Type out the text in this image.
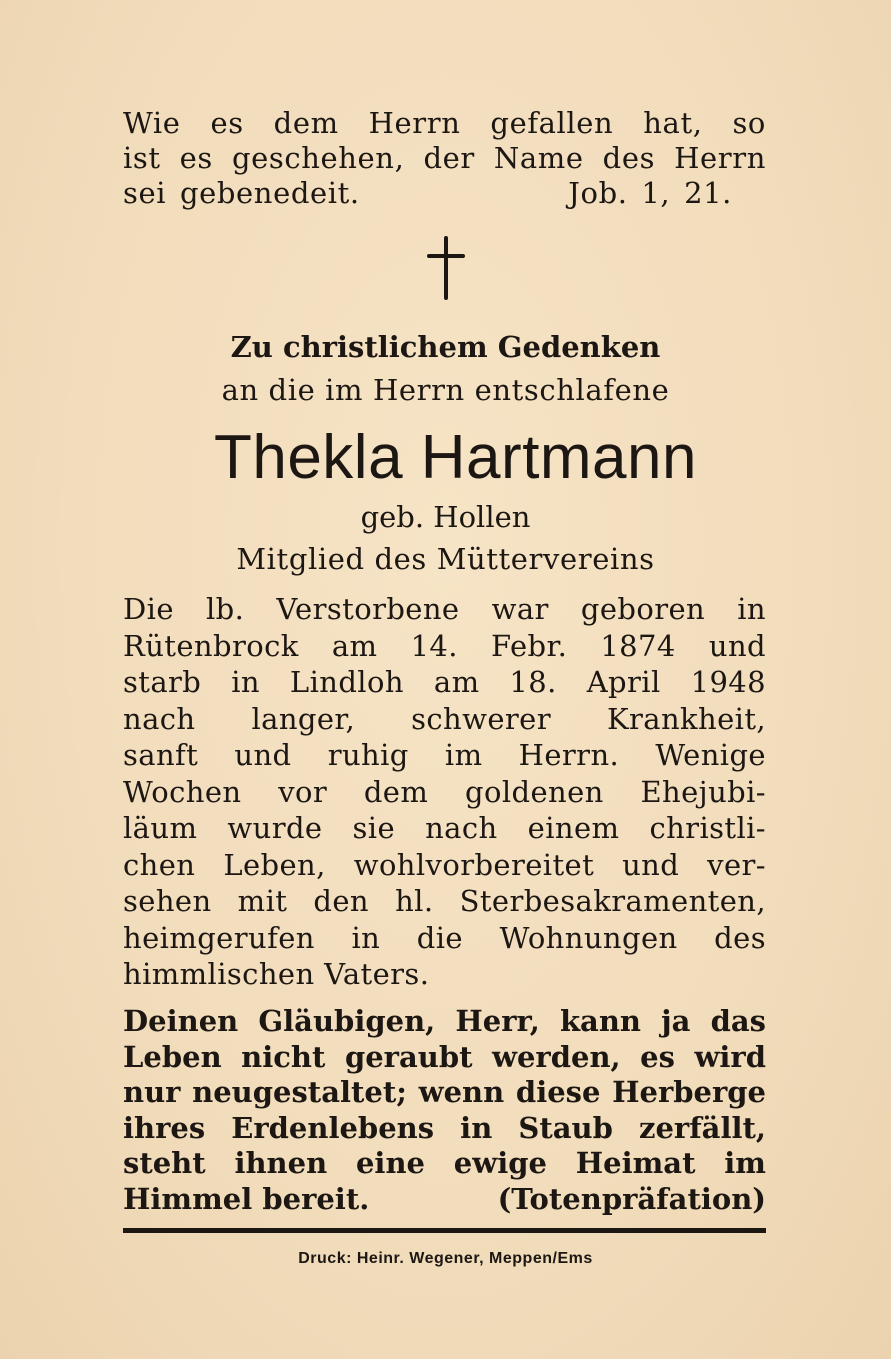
Wie es dem Herrn gefallen hat, so

ist es geschehen, der Name des Herrn

sei gebenedeit.	Job. 1, 21.

Zu christlichem Gedenken
an die im Herrn entschlafene
Thekla Hartmann
geb. Hollen
Mitglied des Müttervereins

Die lb. Verstorbene war geboren in

Rütenbrock am 14. Febr. 1874 und

starb in Lindloh am 18. April 1948

nach langer, schwerer Krankheit,

sanft und ruhig im Herrn. Wenige

Wochen vor dem goldenen Ehejubi-

läum wurde sie nach einem christli-

chen Leben, wohlvorbereitet und ver-

sehen mit den hl. Sterbesakramenten,

heimgerufen in die Wohnungen des

himmlischen Vaters.

Deinen Gläubigen, Herr, kann ja das

Leben nicht geraubt werden, es wird

nur neugestaltet; wenn diese Herberge

ihres Erdenlebens in Staub zerfällt,

steht ihnen eine ewige Heimat im

Himmel bereit.	(Totenpräfation)

Druck: Heinr. Wegener, Meppen/Ems
